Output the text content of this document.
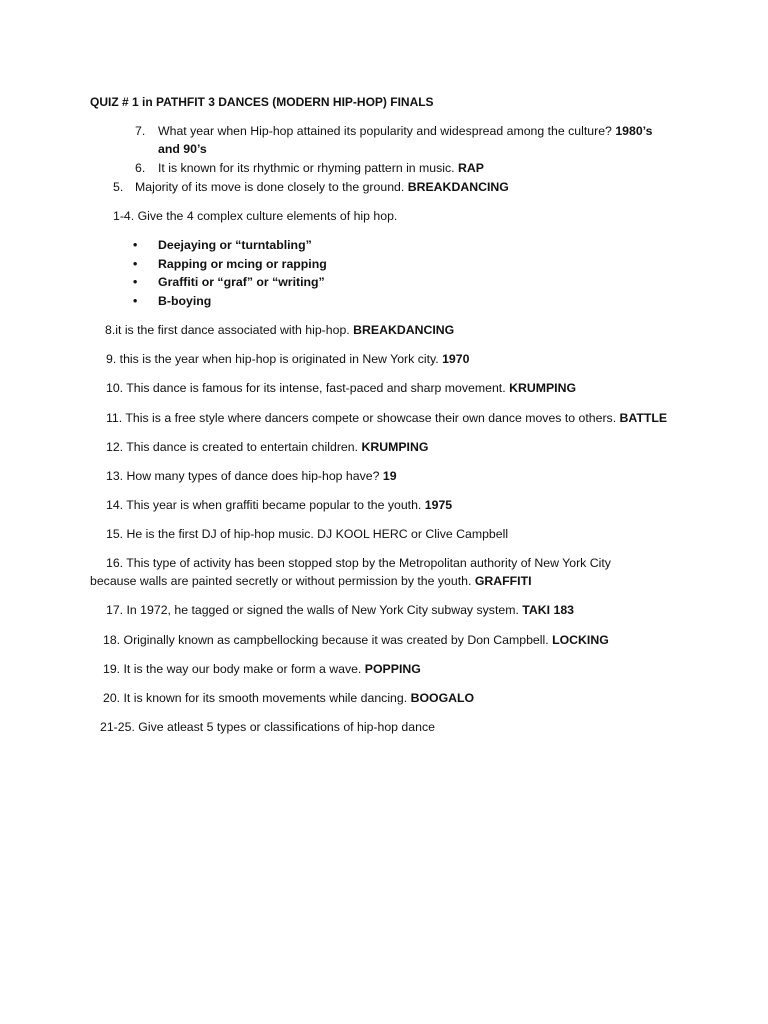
QUIZ # 1 in PATHFIT 3 DANCES (MODERN HIP-HOP) FINALS
7. What year when Hip-hop attained its popularity and widespread among the culture? 1980’s
and 90’s
6. It is known for its rhythmic or rhyming pattern in music. RAP
5. Majority of its move is done closely to the ground. BREAKDANCING
1-4. Give the 4 complex culture elements of hip hop.
• Deejaying or “turntabling”
• Rapping or mcing or rapping
• Graffiti or “graf” or “writing”
• B-boying
8.it is the first dance associated with hip-hop. BREAKDANCING
9. this is the year when hip-hop is originated in New York city. 1970
10. This dance is famous for its intense, fast-paced and sharp movement. KRUMPING
11. This is a free style where dancers compete or showcase their own dance moves to others. BATTLE
12. This dance is created to entertain children. KRUMPING
13. How many types of dance does hip-hop have? 19
14. This year is when graffiti became popular to the youth. 1975
15. He is the first DJ of hip-hop music. DJ KOOL HERC or Clive Campbell
16. This type of activity has been stopped stop by the Metropolitan authority of New York City
because walls are painted secretly or without permission by the youth. GRAFFITI
17. In 1972, he tagged or signed the walls of New York City subway system. TAKI 183
18. Originally known as campbellocking because it was created by Don Campbell. LOCKING
19. It is the way our body make or form a wave. POPPING
20. It is known for its smooth movements while dancing. BOOGALO
21-25. Give atleast 5 types or classifications of hip-hop dance
